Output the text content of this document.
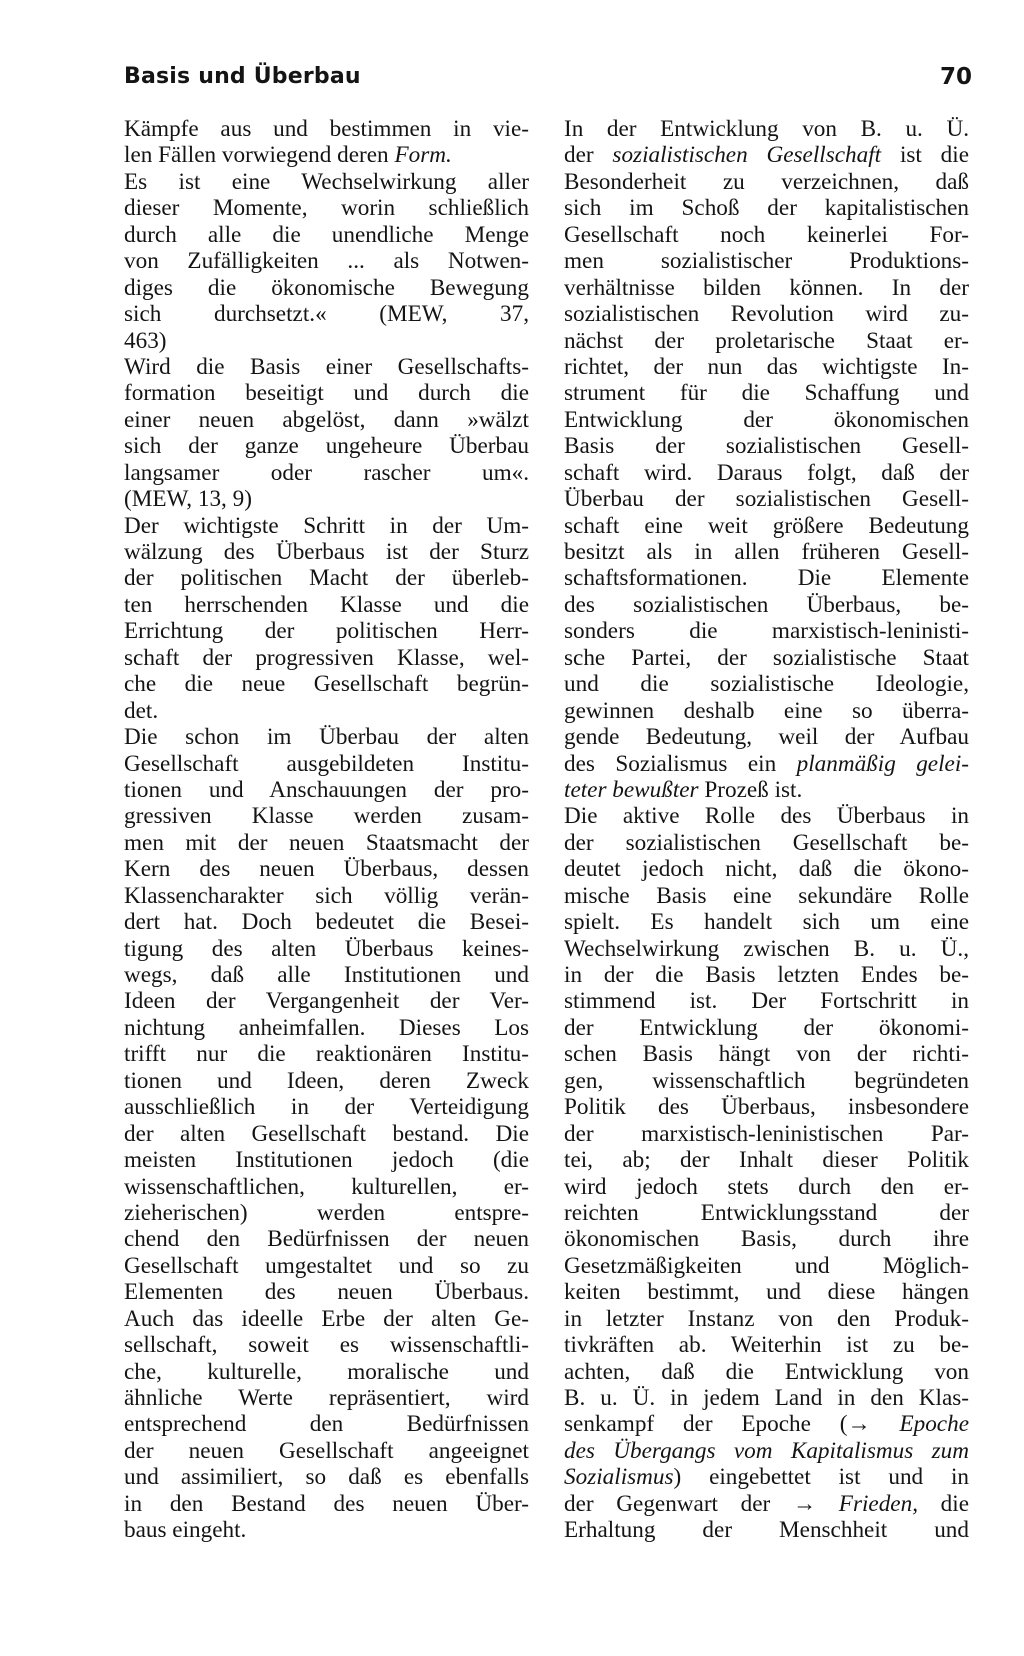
Basis und Überbau	70
Kämpfe aus und bestimmen in vie-
len Fällen vorwiegend deren Form.
Es ist eine Wechselwirkung aller
dieser Momente, worin schließlich
durch alle die unendliche Menge
von Zufälligkeiten ... als Notwen-
diges die ökonomische Bewegung
sich durchsetzt.« (MEW, 37,
463)
Wird die Basis einer Gesellschafts-
formation beseitigt und durch die
einer neuen abgelöst, dann »wälzt
sich der ganze ungeheure Überbau
langsamer oder rascher um«.
(MEW, 13, 9)
Der wichtigste Schritt in der Um-
wälzung des Überbaus ist der Sturz
der politischen Macht der überleb-
ten herrschenden Klasse und die
Errichtung der politischen Herr-
schaft der progressiven Klasse, wel-
che die neue Gesellschaft begrün-
det.
Die schon im Überbau der alten
Gesellschaft ausgebildeten Institu-
tionen und Anschauungen der pro-
gressiven Klasse werden zusam-
men mit der neuen Staatsmacht der
Kern des neuen Überbaus, dessen
Klassencharakter sich völlig verän-
dert hat. Doch bedeutet die Besei-
tigung des alten Überbaus keines-
wegs, daß alle Institutionen und
Ideen der Vergangenheit der Ver-
nichtung anheimfallen. Dieses Los
trifft nur die reaktionären Institu-
tionen und Ideen, deren Zweck
ausschließlich in der Verteidigung
der alten Gesellschaft bestand. Die
meisten Institutionen jedoch (die
wissenschaftlichen, kulturellen, er-
zieherischen) werden entspre-
chend den Bedürfnissen der neuen
Gesellschaft umgestaltet und so zu
Elementen des neuen Überbaus.
Auch das ideelle Erbe der alten Ge-
sellschaft, soweit es wissenschaftli-
che, kulturelle, moralische und
ähnliche Werte repräsentiert, wird
entsprechend den Bedürfnissen
der neuen Gesellschaft angeeignet
und assimiliert, so daß es ebenfalls
in den Bestand des neuen Über-
baus eingeht.
In der Entwicklung von B. u. Ü.
der sozialistischen Gesellschaft ist die
Besonderheit zu verzeichnen, daß
sich im Schoß der kapitalistischen
Gesellschaft noch keinerlei For-
men sozialistischer Produktions-
verhältnisse bilden können. In der
sozialistischen Revolution wird zu-
nächst der proletarische Staat er-
richtet, der nun das wichtigste In-
strument für die Schaffung und
Entwicklung der ökonomischen
Basis der sozialistischen Gesell-
schaft wird. Daraus folgt, daß der
Überbau der sozialistischen Gesell-
schaft eine weit größere Bedeutung
besitzt als in allen früheren Gesell-
schaftsformationen. Die Elemente
des sozialistischen Überbaus, be-
sonders die marxistisch-leninisti-
sche Partei, der sozialistische Staat
und die sozialistische Ideologie,
gewinnen deshalb eine so überra-
gende Bedeutung, weil der Aufbau
des Sozialismus ein planmäßig gelei-
teter bewußter Prozeß ist.
Die aktive Rolle des Überbaus in
der sozialistischen Gesellschaft be-
deutet jedoch nicht, daß die ökono-
mische Basis eine sekundäre Rolle
spielt. Es handelt sich um eine
Wechselwirkung zwischen B. u. Ü.,
in der die Basis letzten Endes be-
stimmend ist. Der Fortschritt in
der Entwicklung der ökonomi-
schen Basis hängt von der richti-
gen, wissenschaftlich begründeten
Politik des Überbaus, insbesondere
der marxistisch-leninistischen Par-
tei, ab; der Inhalt dieser Politik
wird jedoch stets durch den er-
reichten Entwicklungsstand der
ökonomischen Basis, durch ihre
Gesetzmäßigkeiten und Möglich-
keiten bestimmt, und diese hängen
in letzter Instanz von den Produk-
tivkräften ab. Weiterhin ist zu be-
achten, daß die Entwicklung von
B. u. Ü. in jedem Land in den Klas-
senkampf der Epoche (→ Epoche
des Übergangs vom Kapitalismus zum
Sozialismus) eingebettet ist und in
der Gegenwart der → Frieden, die
Erhaltung der Menschheit und
